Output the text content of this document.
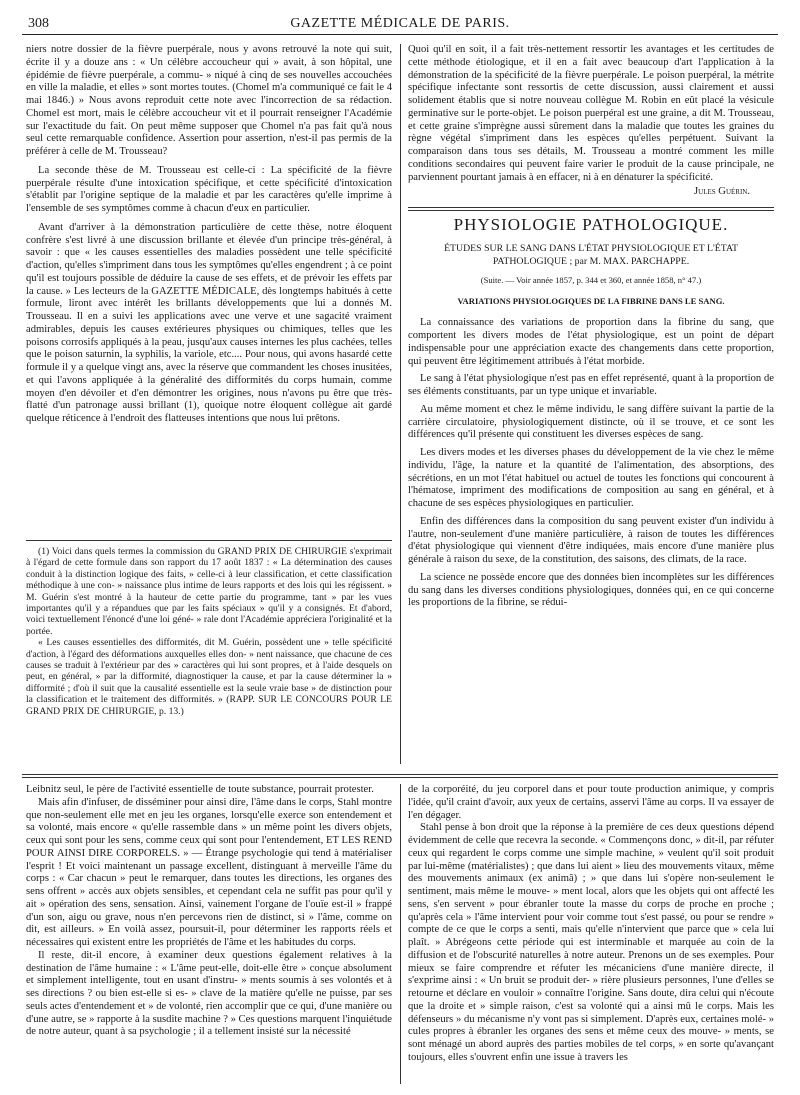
308	GAZETTE MÉDICALE DE PARIS.

niers notre dossier de la fièvre puerpérale, nous y avons retrouvé la note qui suit, écrite il y a douze ans : « Un célèbre accoucheur qui » avait, à son hôpital, une épidémie de fièvre puerpérale, a commu- » niqué à cinq de ses nouvelles accouchées en ville la maladie, et elles » sont mortes toutes. (Chomel m'a communiqué ce fait le 4 mai 1846.) » Nous avons reproduit cette note avec l'incorrection de sa rédaction. Chomel est mort, mais le célèbre accoucheur vit et il pourrait renseigner l'Académie sur l'exactitude du fait. On peut même supposer que Chomel n'a pas fait qu'à nous seul cette remarquable confidence. Assertion pour assertion, n'est-il pas permis de la préférer à celle de M. Trousseau?

La seconde thèse de M. Trousseau est celle-ci : La spécificité de la fièvre puerpérale résulte d'une intoxication spécifique, et cette spécificité d'intoxication s'établit par l'origine septique de la maladie et par les caractères qu'elle imprime à l'ensemble de ses symptômes comme à chacun d'eux en particulier.

Avant d'arriver à la démonstration particulière de cette thèse, notre éloquent confrère s'est livré à une discussion brillante et élevée d'un principe très-général, à savoir : que « les causes essentielles des maladies possèdent une telle spécificité d'action, qu'elles s'impriment dans tous les symptômes qu'elles engendrent ; à ce point qu'il est toujours possible de déduire la cause de ses effets, et de prévoir les effets par la cause. » Les lecteurs de la GAZETTE MÉDICALE, dès longtemps habitués à cette formule, liront avec intérêt les brillants développements que lui a donnés M. Trousseau. Il en a suivi les applications avec une verve et une sagacité vraiment admirables, depuis les causes extérieures physiques ou chimiques, telles que les poisons corrosifs appliqués à la peau, jusqu'aux causes internes les plus cachées, telles que le poison saturnin, la syphilis, la variole, etc.... Pour nous, qui avons hasardé cette formule il y a quelque vingt ans, avec la réserve que commandent les choses inusitées, et qui l'avons appliquée à la généralité des difformités du corps humain, comme moyen d'en dévoiler et d'en démontrer les origines, nous n'avons pu être que très-flatté d'un patronage aussi brillant (1), quoique notre éloquent collègue ait gardé quelque réticence à l'endroit des flatteuses intentions que nous lui prêtons.

(1) Voici dans quels termes la commission du GRAND PRIX DE CHIRURGIE s'exprimait à l'égard de cette formule dans son rapport du 17 août 1837 : « La détermination des causes conduit à la distinction logique des faits, » celle-ci à leur classification, et cette classification méthodique à une con- » naissance plus intime de leurs rapports et des lois qui les régissent. » M. Guérin s'est montré à la hauteur de cette partie du programme, tant » par les vues importantes qu'il y a répandues que par les faits spéciaux » qu'il y a consignés. Et d'abord, voici textuellement l'énoncé d'une loi géné- » rale dont l'Académie appréciera l'originalité et la portée.

« Les causes essentielles des difformités, dit M. Guérin, possèdent une » telle spécificité d'action, à l'égard des déformations auxquelles elles don- » nent naissance, que chacune de ces causes se traduit à l'extérieur par des » caractères qui lui sont propres, et à l'aide desquels on peut, en général, » par la difformité, diagnostiquer la cause, et par la cause déterminer la » difformité ; d'où il suit que la causalité essentielle est la seule vraie base » de distinction pour la classification et le traitement des difformités. » (RAPP. SUR LE CONCOURS POUR LE GRAND PRIX DE CHIRURGIE, p. 13.)

Quoi qu'il en soit, il a fait très-nettement ressortir les avantages et les certitudes de cette méthode étiologique, et il en a fait avec beaucoup d'art l'application à la démonstration de la spécificité de la fièvre puerpérale. Le poison puerpéral, la métrite spécifique infectante sont ressortis de cette discussion, aussi clairement et aussi solidement établis que si notre nouveau collègue M. Robin en eût placé la vésicule germinative sur le porte-objet. Le poison puerpéral est une graine, a dit M. Trousseau, et cette graine s'imprègne aussi sûrement dans la maladie que toutes les graines du règne végétal s'impriment dans les espèces qu'elles perpétuent. Suivant la comparaison dans tous ses détails, M. Trousseau a montré comment les mille conditions secondaires qui peuvent faire varier le produit de la cause principale, ne parviennent pourtant jamais à en effacer, ni à en dénaturer la spécificité.

Jules Guérin.
PHYSIOLOGIE PATHOLOGIQUE.
ÉTUDES SUR LE SANG DANS L'ÉTAT PHYSIOLOGIQUE ET L'ÉTAT PATHOLOGIQUE ; par M. MAX. PARCHAPPE.
(Suite. — Voir année 1857, p. 344 et 360, et année 1858, n° 47.)
VARIATIONS PHYSIOLOGIQUES DE LA FIBRINE DANS LE SANG.

La connaissance des variations de proportion dans la fibrine du sang, que comportent les divers modes de l'état physiologique, est un point de départ indispensable pour une appréciation exacte des changements dans cette proportion, qui peuvent être légitimement attribués à l'état morbide.

Le sang à l'état physiologique n'est pas en effet représenté, quant à la proportion de ses éléments constituants, par un type unique et invariable.

Au même moment et chez le même individu, le sang diffère suivant la partie de la carrière circulatoire, physiologiquement distincte, où il se trouve, et ce sont les différences qu'il présente qui constituent les diverses espèces de sang.

Les divers modes et les diverses phases du développement de la vie chez le même individu, l'âge, la nature et la quantité de l'alimentation, des absorptions, des sécrétions, en un mot l'état habituel ou actuel de toutes les fonctions qui concourent à l'hématose, impriment des modifications de composition au sang en général, et à chacune de ses espèces physiologiques en particulier.

Enfin des différences dans la composition du sang peuvent exister d'un individu à l'autre, non-seulement d'une manière particulière, à raison de toutes les différences d'état physiologique qui viennent d'être indiquées, mais encore d'une manière plus générale à raison du sexe, de la constitution, des saisons, des climats, de la race.

La science ne possède encore que des données bien incomplètes sur les différences du sang dans les diverses conditions physiologiques, données qui, en ce qui concerne les proportions de la fibrine, se rédui-

Leibnitz seul, le père de l'activité essentielle de toute substance, pourrait protester.

Mais afin d'infuser, de disséminer pour ainsi dire, l'âme dans le corps, Stahl montre que non-seulement elle met en jeu les organes, lorsqu'elle exerce son entendement et sa volonté, mais encore « qu'elle rassemble dans » un même point les divers objets, ceux qui sont pour les sens, comme ceux qui sont pour l'entendement, ET LES REND POUR AINSI DIRE CORPORELS. » — Étrange psychologie qui tend à matérialiser l'esprit ! Et voici maintenant un passage excellent, distinguant à merveille l'âme du corps : « Car chacun » peut le remarquer, dans toutes les directions, les organes des sens offrent » accès aux objets sensibles, et cependant cela ne suffit pas pour qu'il y ait » opération des sens, sensation. Ainsi, vainement l'organe de l'ouïe est-il » frappé d'un son, aigu ou grave, nous n'en percevons rien de distinct, si » l'âme, comme on dit, est ailleurs. » En voilà assez, poursuit-il, pour déterminer les rapports réels et nécessaires qui existent entre les propriétés de l'âme et les habitudes du corps.

Il reste, dit-il encore, à examiner deux questions également relatives à la destination de l'âme humaine : « L'âme peut-elle, doit-elle être » conçue absolument et simplement intelligente, tout en usant d'instru- » ments soumis à ses volontés et à ses directions ? ou bien est-elle si es- » clave de la matière qu'elle ne puisse, par ses seuls actes d'entendement et » de volonté, rien accomplir que ce qui, d'une manière ou d'une autre, se » rapporte à la susdite machine ? » Ces questions marquent l'inquiétude de notre auteur, quant à sa psychologie ; il a tellement insisté sur la nécessité

de la corporéité, du jeu corporel dans et pour toute production animique, y compris l'idée, qu'il craint d'avoir, aux yeux de certains, asservi l'âme au corps. Il va essayer de l'en dégager.

Stahl pense à bon droit que la réponse à la première de ces deux questions dépend évidemment de celle que recevra la seconde. « Commençons donc, » dit-il, par réfuter ceux qui regardent le corps comme une simple machine, » veulent qu'il soit produit par lui-même (matérialistes) ; que dans lui aient » lieu des mouvements vitaux, même des mouvements animaux (ex animâ) ; » que dans lui s'opère non-seulement le sentiment, mais même le mouve- » ment local, alors que les objets qui ont affecté les sens, s'en servent » pour ébranler toute la masse du corps de proche en proche ; qu'après cela » l'âme intervient pour voir comme tout s'est passé, ou pour se rendre » compte de ce que le corps a senti, mais qu'elle n'intervient que parce que » cela lui plaît. » Abrégeons cette période qui est interminable et marquée au coin de la diffusion et de l'obscurité naturelles à notre auteur. Prenons un de ses exemples. Pour mieux se faire comprendre et réfuter les mécaniciens d'une manière directe, il s'exprime ainsi : « Un bruit se produit der- » rière plusieurs personnes, l'une d'elles se retourne et déclare en vouloir » connaître l'origine. Sans doute, dira celui qui n'écoute que la droite et » simple raison, c'est sa volonté qui a ainsi mû le corps. Mais les défenseurs » du mécanisme n'y vont pas si simplement. D'après eux, certaines molé- » cules propres à ébranler les organes des sens et même ceux des mouve- » ments, se sont ménagé un abord auprès des parties mobiles de tel corps, » en sorte qu'avançant toujours, elles s'ouvrent enfin une issue à travers les
